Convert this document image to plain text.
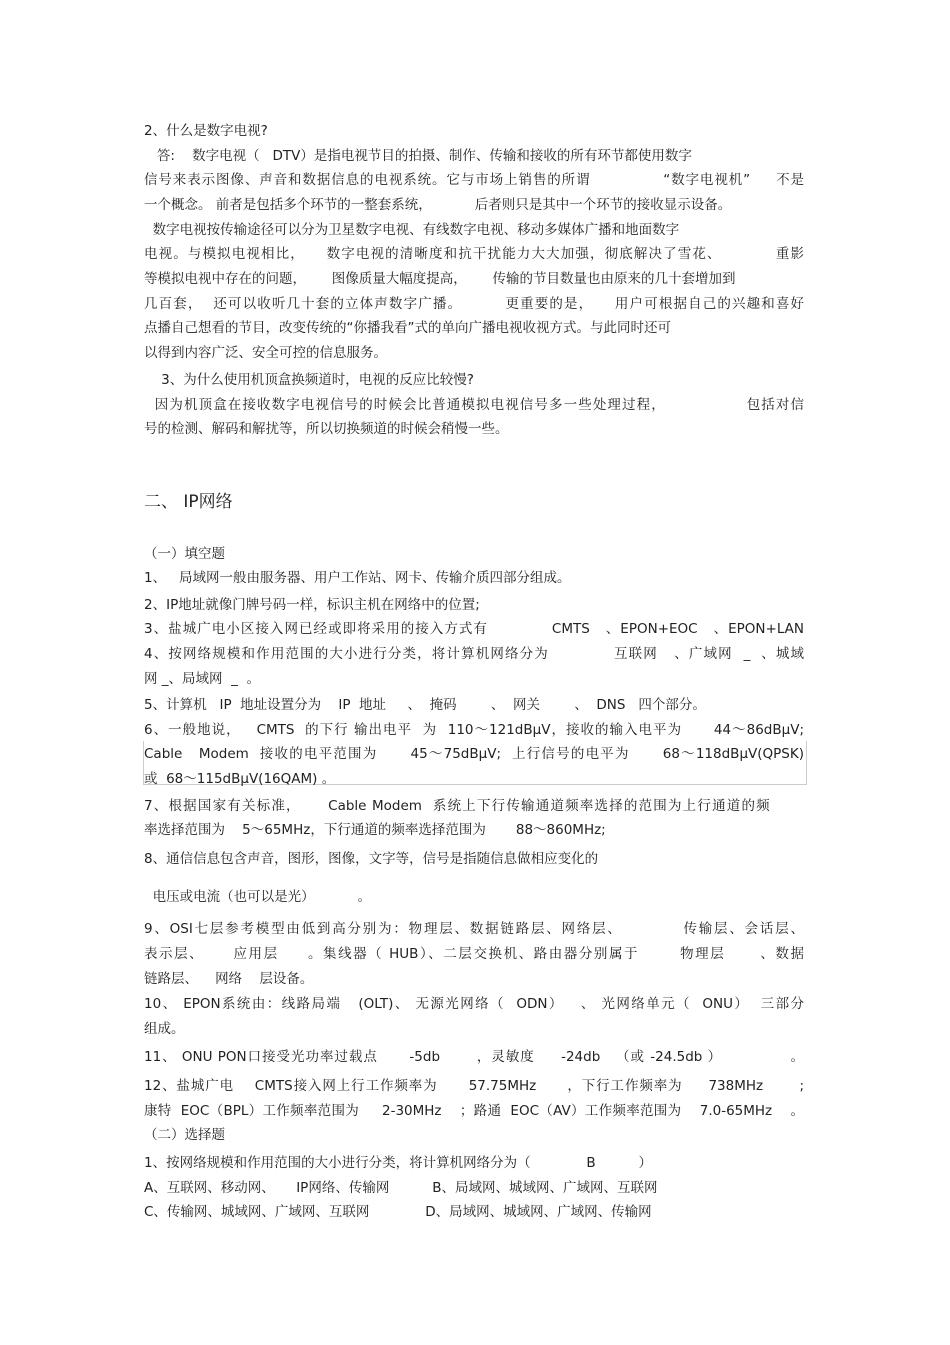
二、 IP网络
2、什么是数字电视?
答:    数字电视（   DTV）是指电视节目的拍摄、制作、传输和接收的所有环节都使用数字
信号来表示图像、声音和数据信息的电视系统。它与市场上销售的所谓              “数字电视机”     不是
一个概念。 前者是包括多个环节的一整套系统，          后者则只是其中一个环节的接收显示设备。
数字电视按传输途径可以分为卫星数字电视、有线数字电视、移动多媒体广播和地面数字
电视。与模拟电视相比，    数字电视的清晰度和抗干扰能力大大加强，彻底解决了雪花、          重影
等模拟电视中存在的问题，      图像质量大幅度提高，      传输的节目数量也由原来的几十套增加到
几百套，  还可以收听几十套的立体声数字广播。        更重要的是，    用户可根据自己的兴趣和喜好
点播自己想看的节目，改变传统的“你播我看”式的单向广播电视收视方式。与此同时还可
以得到内容广泛、安全可控的信息服务。
3、为什么使用机顶盒换频道时，电视的反应比较慢?
因为机顶盒在接收数字电视信号的时候会比普通模拟电视信号多一些处理过程，               包括对信
号的检测、解码和解扰等，所以切换频道的时候会稍慢一些。
（一）填空题
1、   局域网一般由服务器、用户工作站、网卡、传输介质四部分组成。
2、IP地址就像门牌号码一样，标识主机在网络中的位置;
3、盐城广电小区接入网已经或即将采用的接入方式有            CMTS   、EPON+EOC   、EPON+LAN
4、按网络规模和作用范围的大小进行分类，将计算机网络分为            互联网   、广域网  _  、城域
网 _、局域网  _  。
5、计算机   IP  地址设置分为    IP  地址     、  掩码        、  网关        、  DNS   四个部分。
6、一般地说，   CMTS  的下行 输出电平  为  110～121dBμV，接收的输入电平为      44～86dBμV;
Cable   Modem  接收的电平范围为      45～75dBμV;  上行信号的电平为      68～118dBμV(QPSK)
或  68～115dBμV(16QAM) 。
7、根据国家有关标准，     Cable Modem  系统上下行传输通道频率选择的范围为上行通道的频
率选择范围为    5～65MHz，下行通道的频率选择范围为       88～860MHz;
8、通信信息包含声音，图形，图像，文字等，信号是指随信息做相应变化的
电压或电流（也可以是光）          。
9、OSI七层参考模型由低到高分别为：物理层、数据链路层、网络层、          传输层、会话层、
表示层、     应用层     。集线器（ HUB）、二层交换机、路由器分别属于       物理层      、数据
链路层、    网络    层设备。
10、 EPON系统由：线路局端   (OLT)、 无源光网络（  ODN）   、 光网络单元（  ONU）  三部分
组成。
11、 ONU PON口接受光功率过载点      -5db       ，灵敏度     -24db   （或 -24.5db ）             。
12、盐城广电    CMTS接入网上行工作频率为      57.75MHz      ，下行工作频率为     738MHz       ;
康特  EOC（BPL）工作频率范围为     2-30MHz    ；路通  EOC（AV）工作频率范围为    7.0-65MHz    。
（二）选择题
1、按网络规模和作用范围的大小进行分类，将计算机网络分为（             B          ）
A、互联网、移动网、     IP网络、传输网          B、局域网、城域网、广域网、互联网
C、传输网、城域网、广域网、互联网             D、局域网、城域网、广域网、传输网
